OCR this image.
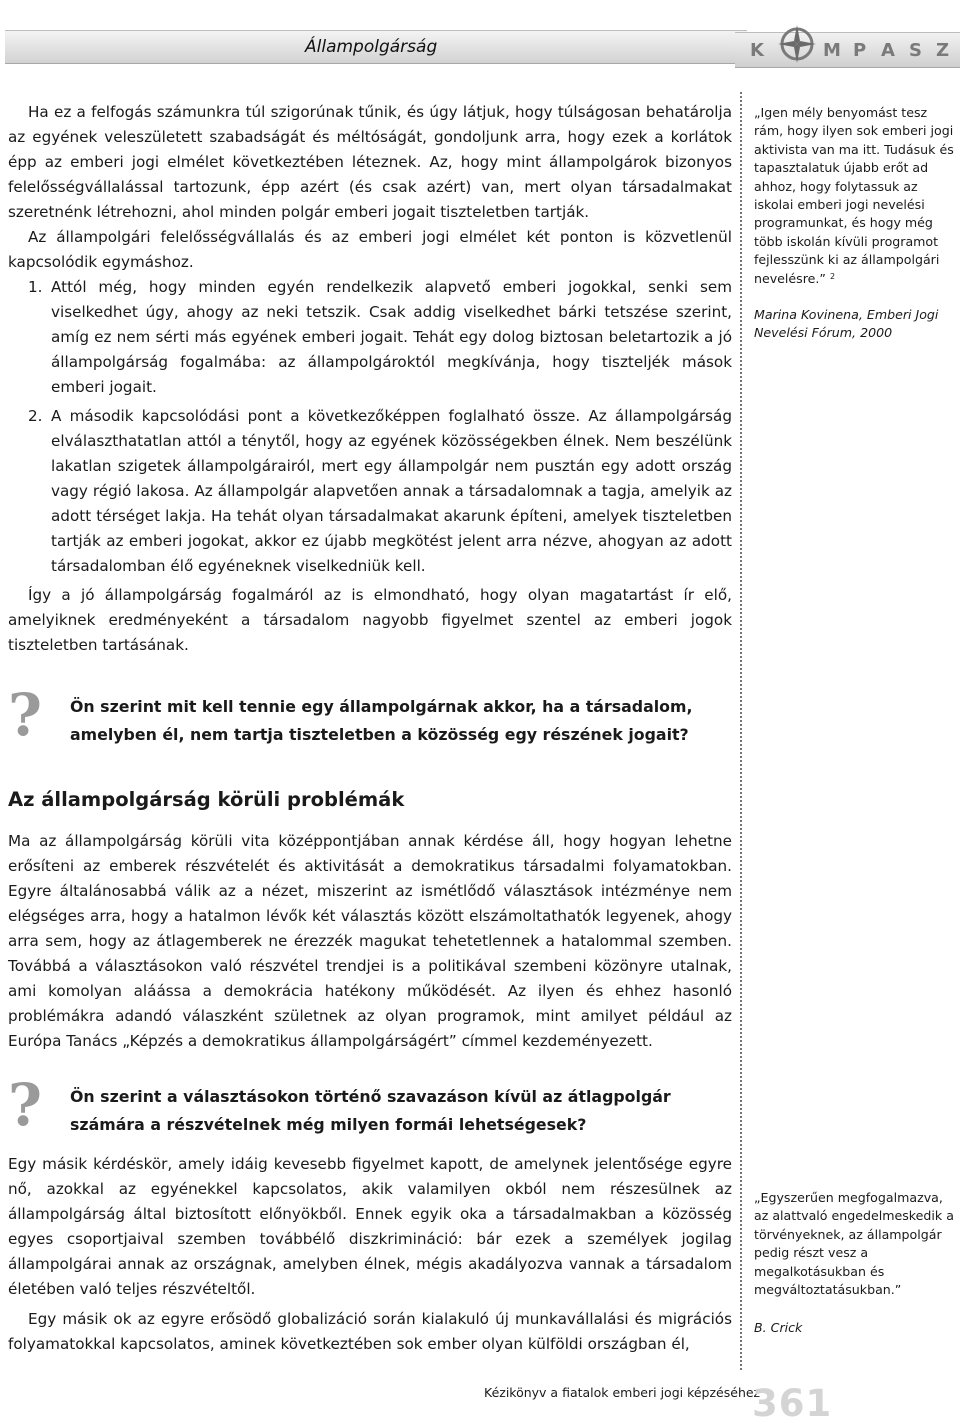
Állampolgárság	K	M P A S Z

Ha ez a felfogás számunkra túl szigorúnak tűnik, és úgy látjuk, hogy túlságosan behatárolja az egyének veleszületett szabadságát és méltóságát, gondoljunk arra, hogy ezek a korlátok épp az emberi jogi elmélet következtében léteznek. Az, hogy mint állampolgárok bizonyos felelősségvállalással tartozunk, épp azért (és csak azért) van, mert olyan társadalmakat szeretnénk létrehozni, ahol minden polgár emberi jogait tiszteletben tartják.

Az állampolgári felelősségvállalás és az emberi jogi elmélet két ponton is közvetlenül kapcsolódik egymáshoz.

1. Attól még, hogy minden egyén rendelkezik alapvető emberi jogokkal, senki sem viselkedhet úgy, ahogy az neki tetszik. Csak addig viselkedhet bárki tetszése szerint, amíg ez nem sérti más egyének emberi jogait. Tehát egy dolog biztosan beletartozik a jó állampolgárság fogalmába: az állampolgároktól megkívánja, hogy tiszteljék mások emberi jogait.

2. A második kapcsolódási pont a következőképpen foglalható össze. Az állampolgárság elválaszthatatlan attól a ténytől, hogy az egyének közösségekben élnek. Nem beszélünk lakatlan szigetek állampolgárairól, mert egy állampolgár nem pusztán egy adott ország vagy régió lakosa. Az állampolgár alapvetően annak a társadalomnak a tagja, amelyik az adott térséget lakja. Ha tehát olyan társadalmakat akarunk építeni, amelyek tiszteletben tartják az emberi jogokat, akkor ez újabb megkötést jelent arra nézve, ahogyan az adott társadalomban élő egyéneknek viselkedniük kell.

Így a jó állampolgárság fogalmáról az is elmondható, hogy olyan magatartást ír elő, amelyiknek eredményeként a társadalom nagyobb figyelmet szentel az emberi jogok tiszteletben tartásának.

? Ön szerint mit kell tennie egy állampolgárnak akkor, ha a társadalom, amelyben él, nem tartja tiszteletben a közösség egy részének jogait?
Az állampolgárság körüli problémák

Ma az állampolgárság körüli vita középpontjában annak kérdése áll, hogy hogyan lehetne erősíteni az emberek részvételét és aktivitását a demokratikus társadalmi folyamatokban. Egyre általánosabbá válik az a nézet, miszerint az ismétlődő választások intézménye nem elégséges arra, hogy a hatalmon lévők két választás között elszámoltathatók legyenek, ahogy arra sem, hogy az átlagemberek ne érezzék magukat tehetetlennek a hatalommal szemben. Továbbá a választásokon való részvétel trendjei is a politikával szembeni közönyre utalnak, ami komolyan aláássa a demokrácia hatékony működését. Az ilyen és ehhez hasonló problémákra adandó válaszként születnek az olyan programok, mint amilyet például az Európa Tanács „Képzés a demokratikus állampolgárságért” címmel kezdeményezett.

? Ön szerint a választásokon történő szavazáson kívül az átlagpolgár számára a részvételnek még milyen formái lehetségesek?

Egy másik kérdéskör, amely idáig kevesebb figyelmet kapott, de amelynek jelentősége egyre nő, azokkal az egyénekkel kapcsolatos, akik valamilyen okból nem részesülnek az állampolgárság által biztosított előnyökből. Ennek egyik oka a társadalmakban a közösség egyes csoportjaival szemben továbbélő diszkrimináció: bár ezek a személyek jogilag állampolgárai annak az országnak, amelyben élnek, mégis akadályozva vannak a társadalom életében való teljes részvételtől.

Egy másik ok az egyre erősödő globalizáció során kialakuló új munkavállalási és migrációs folyamatokkal kapcsolatos, aminek következtében sok ember olyan külföldi országban él,

„Igen mély benyomást tesz rám, hogy ilyen sok emberi jogi aktivista van ma itt. Tudásuk és tapasztalatuk újabb erőt ad ahhoz, hogy folytassuk az iskolai emberi jogi nevelési programunkat, és hogy még több iskolán kívüli programot fejlesszünk ki az állampolgári nevelésre.” $^2$

Marina Kovinena, Emberi Jogi Nevelési Fórum, 2000

„Egyszerűen megfogalmazva, az alattvaló engedelmeskedik a törvényeknek, az állampolgár pedig részt vesz a megalkotásukban és megváltoztatásukban.”

B. Crick

Kézikönyv a fiatalok emberi jogi képzéséhez
361
